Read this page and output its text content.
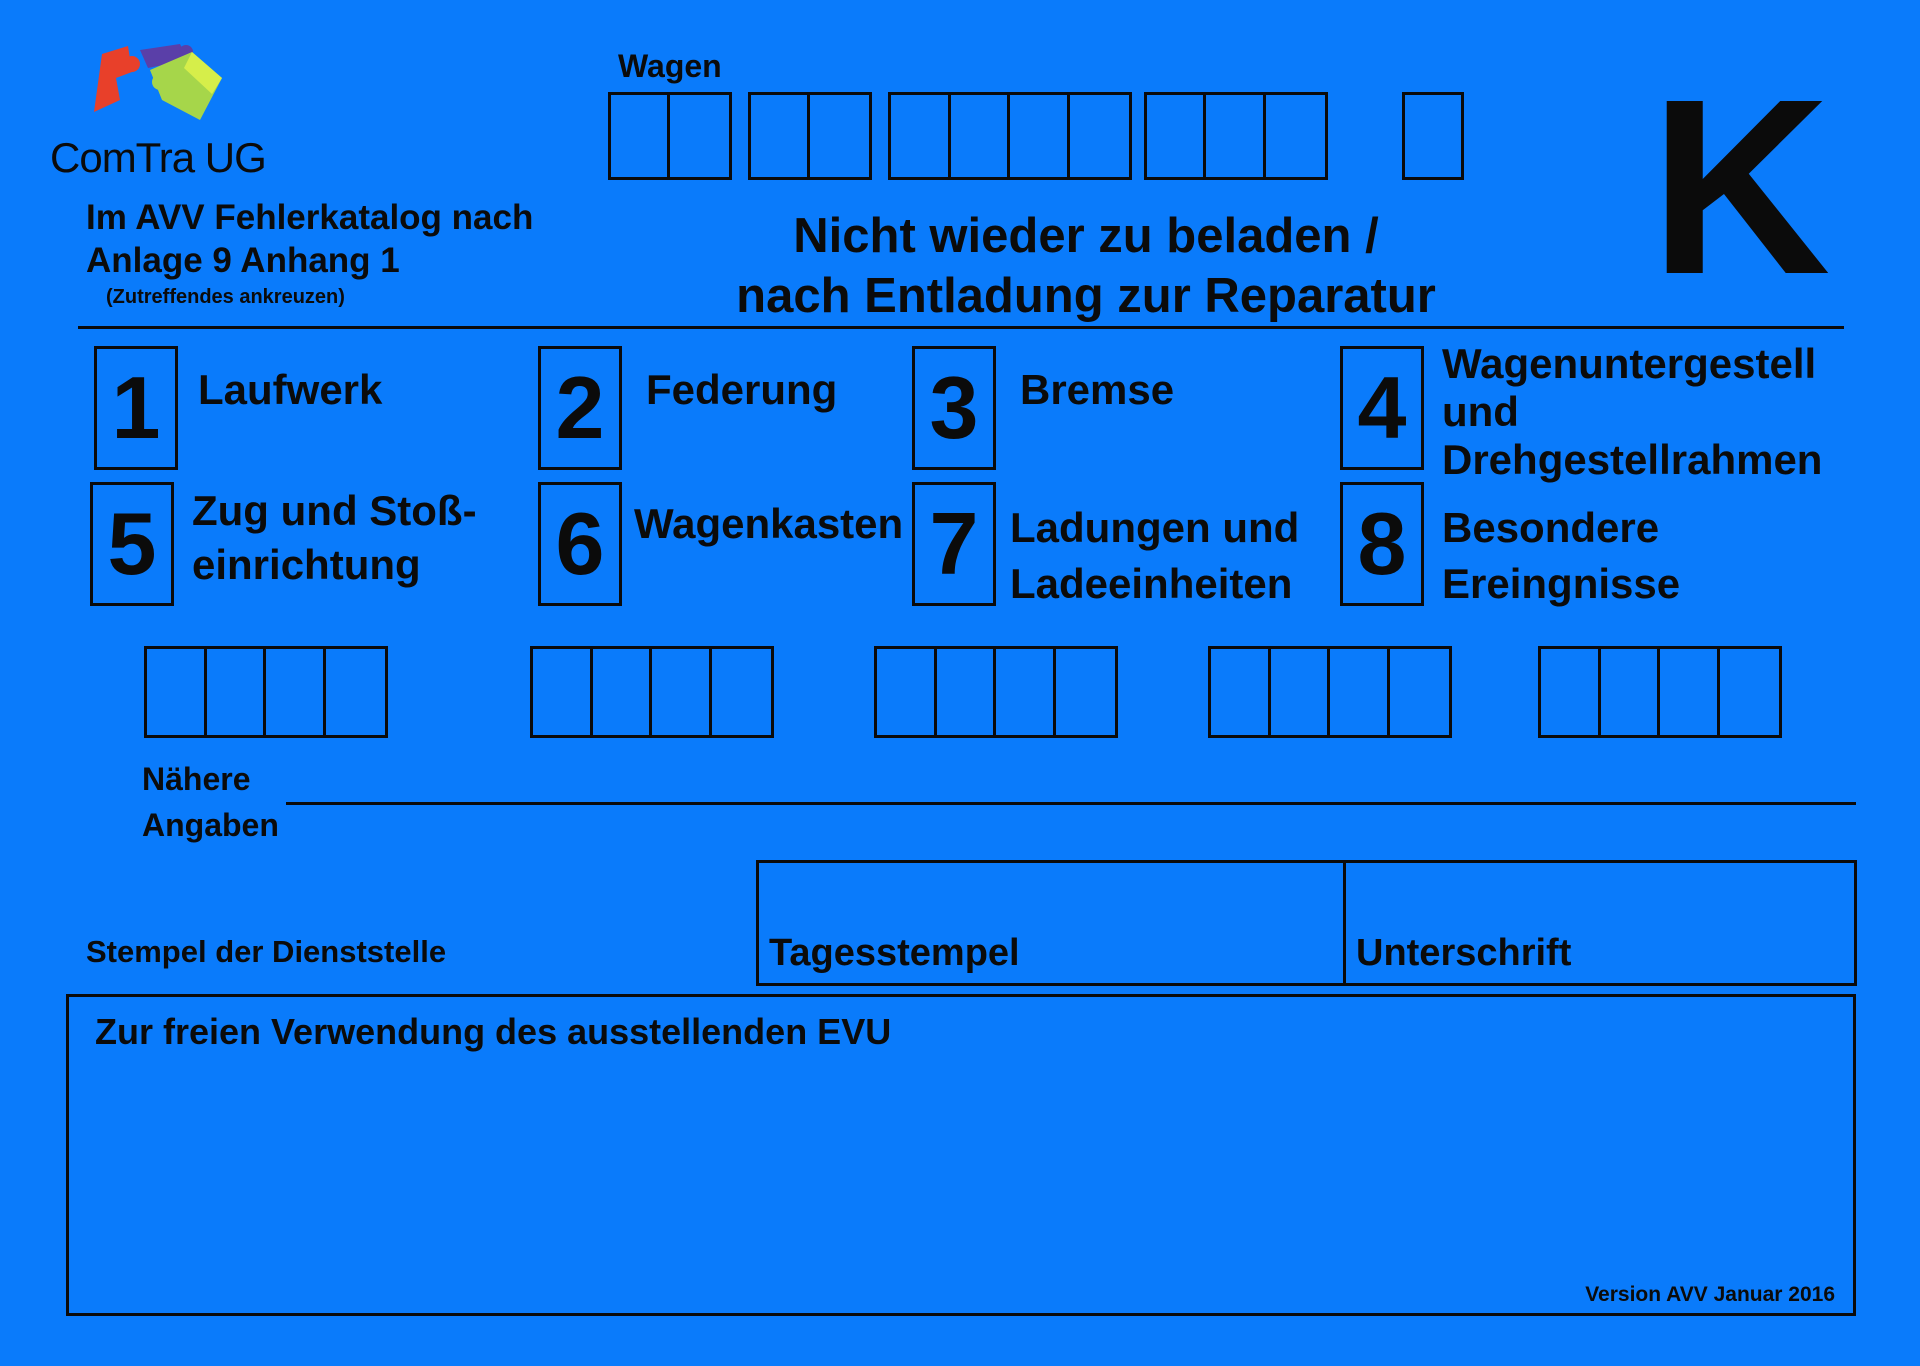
ComTra UG
Im AVV Fehlerkatalog nach
Anlage 9 Anhang 1
(Zutreffendes ankreuzen)
Wagen
Nicht wieder zu beladen /
nach Entladung zur Reparatur K
1 Laufwerk 2 Federung 3 Bremse 4 Wagenuntergestell
und
Drehgestellrahmen
5 Zug und Stoß-
einrichtung	6 Wagenkasten 7 Ladungen und
Ladeeinheiten 8 Besondere
Ereingnisse
Nähere
Angaben
Stempel der Dienststelle	Tagesstempel	Unterschrift
Zur freien Verwendung des ausstellenden EVU
Version AVV Januar 2016
